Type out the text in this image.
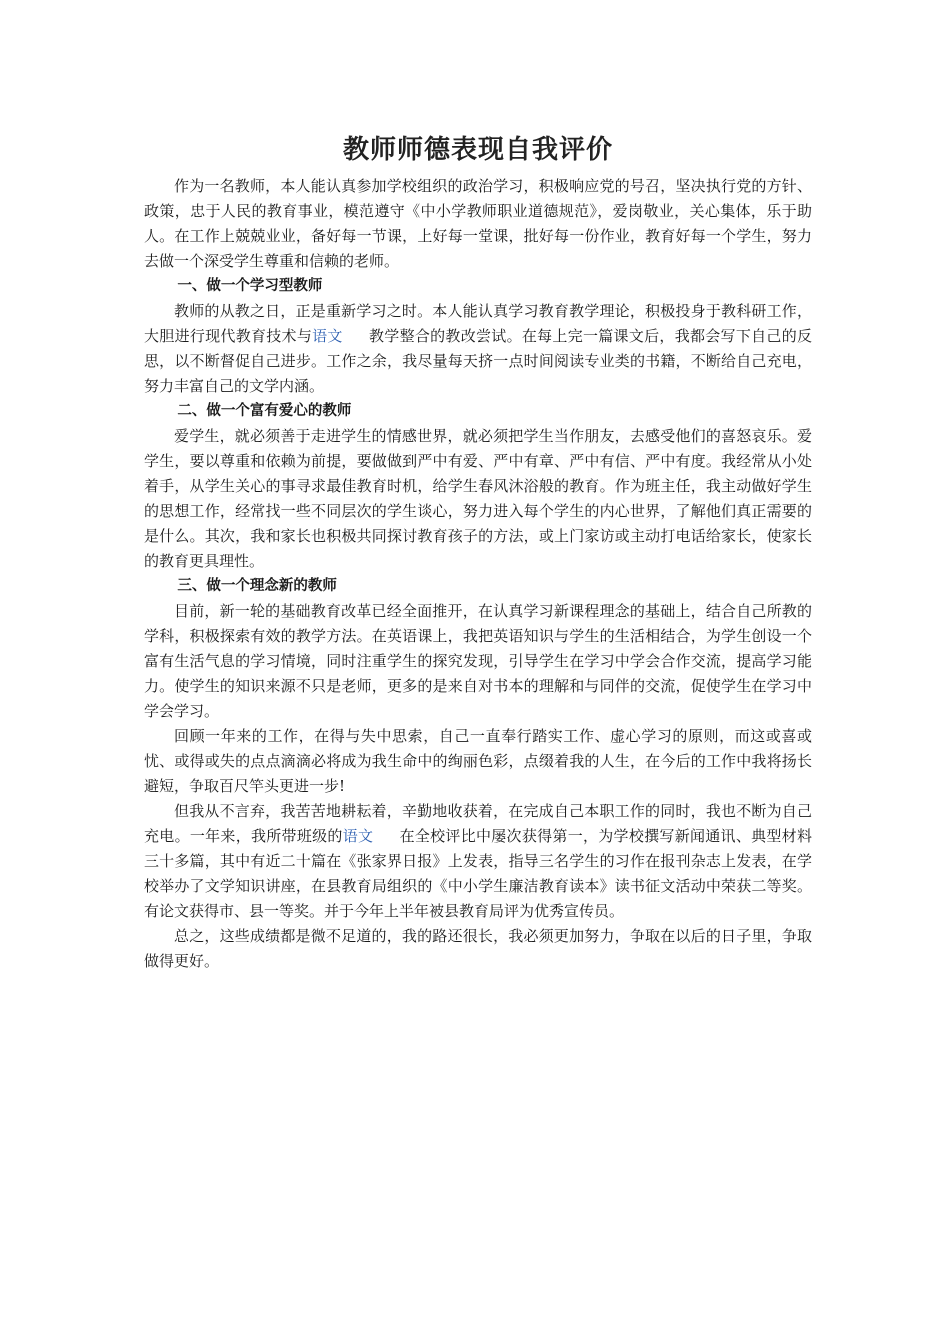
教师师德表现自我评价

作为一名教师，本人能认真参加学校组织的政治学习，积极响应党的号召，坚决执行党的方针、政策，忠于人民的教育事业，模范遵守《中小学教师职业道德规范》，爱岗敬业，关心集体，乐于助人。在工作上兢兢业业，备好每一节课，上好每一堂课，批好每一份作业，教育好每一个学生，努力去做一个深受学生尊重和信赖的老师。

一、做一个学习型教师

教师的从教之日，正是重新学习之时。本人能认真学习教育教学理论，积极投身于教科研工作，大胆进行现代教育技术与语文 教学整合的教改尝试。在每上完一篇课文后，我都会写下自己的反思，以不断督促自己进步。工作之余，我尽量每天挤一点时间阅读专业类的书籍，不断给自己充电，努力丰富自己的文学内涵。

二、做一个富有爱心的教师

爱学生，就必须善于走进学生的情感世界，就必须把学生当作朋友，去感受他们的喜怒哀乐。爱学生，要以尊重和依赖为前提，要做做到严中有爱、严中有章、严中有信、严中有度。我经常从小处着手，从学生关心的事寻求最佳教育时机，给学生春风沐浴般的教育。作为班主任，我主动做好学生的思想工作，经常找一些不同层次的学生谈心，努力进入每个学生的内心世界，了解他们真正需要的是什么。其次，我和家长也积极共同探讨教育孩子的方法，或上门家访或主动打电话给家长，使家长的教育更具理性。

三、做一个理念新的教师

目前，新一轮的基础教育改革已经全面推开，在认真学习新课程理念的基础上，结合自己所教的学科，积极探索有效的教学方法。在英语课上，我把英语知识与学生的生活相结合，为学生创设一个富有生活气息的学习情境，同时注重学生的探究发现，引导学生在学习中学会合作交流，提高学习能力。使学生的知识来源不只是老师，更多的是来自对书本的理解和与同伴的交流，促使学生在学习中学会学习。

回顾一年来的工作，在得与失中思索，自己一直奉行踏实工作、虚心学习的原则，而这或喜或忧、或得或失的点点滴滴必将成为我生命中的绚丽色彩，点缀着我的人生，在今后的工作中我将扬长避短，争取百尺竿头更进一步!

但我从不言弃，我苦苦地耕耘着，辛勤地收获着，在完成自己本职工作的同时，我也不断为自己充电。一年来，我所带班级的语文 在全校评比中屡次获得第一，为学校撰写新闻通讯、典型材料三十多篇，其中有近二十篇在《张家界日报》上发表，指导三名学生的习作在报刊杂志上发表，在学校举办了文学知识讲座，在县教育局组织的《中小学生廉洁教育读本》读书征文活动中荣获二等奖。有论文获得市、县一等奖。并于今年上半年被县教育局评为优秀宣传员。

总之，这些成绩都是微不足道的，我的路还很长，我必须更加努力，争取在以后的日子里，争取做得更好。
